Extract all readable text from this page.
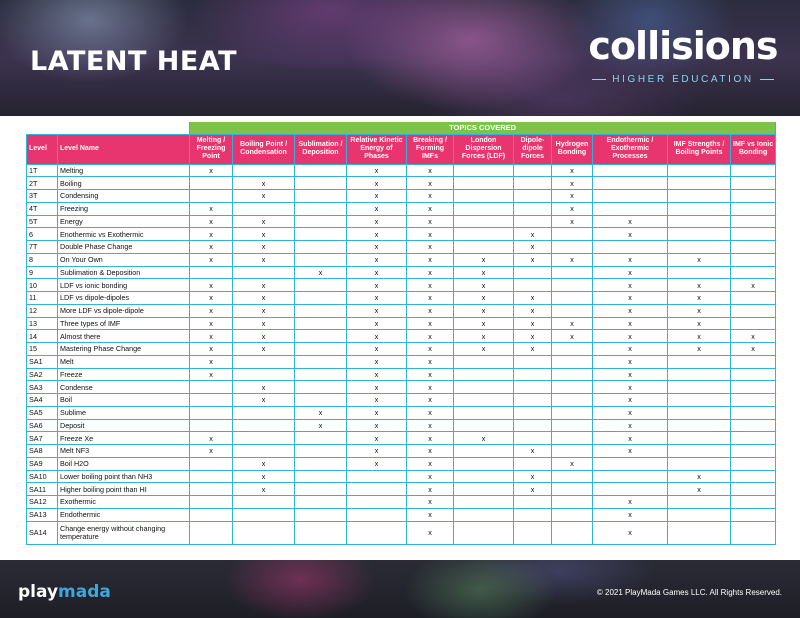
LATENT HEAT	collisions
HIGHER EDUCATION
		TOPICS COVERED										
Level	Level Name	Melting / Freezing Point	Boiling Point / Condensation	Sublimation / Deposition	Relative Kinetic Energy of Phases	Breaking / Forming IMFs	London Dispersion Forces (LDF)	Dipole-dipole Forces	Hydrogen Bonding	Endothermic / Exothermic Processes	IMF Strengths / Boiling Points	IMF vs Ionic Bonding
1T	Melting	x			x	x			x			
2T	Boiling		x		x	x			x			
3T	Condensing		x		x	x			x			
4T	Freezing	x			x	x			x			
5T	Energy	x	x		x	x			x	x		
6	Enothermic vs Exothermic	x	x		x	x		x		x		
7T	Double Phase Change	x	x		x	x		x				
8	On Your Own	x	x		x	x	x	x	x	x	x	
9	Sublimation & Deposition			x	x	x	x			x		
10	LDF vs ionic bonding	x	x		x	x	x			x	x	x
11	LDF vs dipole-dipoles	x	x		x	x	x	x		x	x	
12	More LDF vs dipole-dipole	x	x		x	x	x	x		x	x	
13	Three types of IMF	x	x		x	x	x	x	x	x	x	
14	Almost there	x	x		x	x	x	x	x	x	x	x
15	Mastering Phase Change	x	x		x	x	x	x		x	x	x
SA1	Melt	x			x	x				x		
SA2	Freeze	x			x	x				x		
SA3	Condense		x		x	x				x		
SA4	Boil		x		x	x				x		
SA5	Sublime			x	x	x				x		
SA6	Deposit			x	x	x				x		
SA7	Freeze Xe	x			x	x	x			x		
SA8	Melt NF3	x			x	x		x		x		
SA9	Boil H2O		x		x	x			x			
SA10	Lower boiling point than NH3		x			x		x			x	
SA11	Higher boiling point than HI		x			x		x			x	
SA12	Exothermic					x				x		
SA13	Endothermic					x				x		
SA14	Change energy without changing temperature					x				x		
playmada	© 2021 PlayMada Games LLC. All Rights Reserved.
